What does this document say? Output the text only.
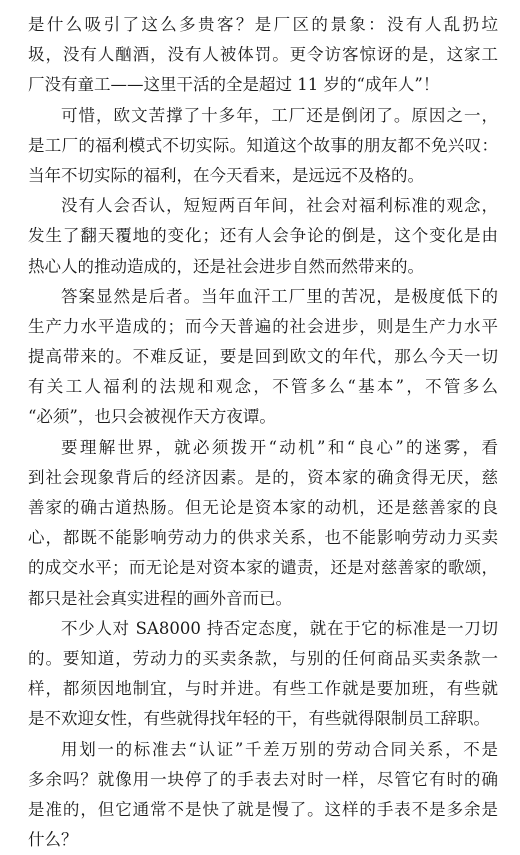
是什么吸引了这么多贵客？是厂区的景象：没有人乱扔垃
圾，没有人酗酒，没有人被体罚。更令访客惊讶的是，这家工
厂没有童工——这里干活的全是超过 11 岁的“成年人”！
可惜，欧文苦撑了十多年，工厂还是倒闭了。原因之一，
是工厂的福利模式不切实际。知道这个故事的朋友都不免兴叹：
当年不切实际的福利，在今天看来，是远远不及格的。
没有人会否认，短短两百年间，社会对福利标准的观念，
发生了翻天覆地的变化；还有人会争论的倒是，这个变化是由
热心人的推动造成的，还是社会进步自然而然带来的。
答案显然是后者。当年血汗工厂里的苦况，是极度低下的
生产力水平造成的；而今天普遍的社会进步，则是生产力水平
提高带来的。不难反证，要是回到欧文的年代，那么今天一切
有关工人福利的法规和观念，不管多么“基本”，不管多么
“必须”，也只会被视作天方夜谭。
要理解世界，就必须拨开“动机”和“良心”的迷雾，看
到社会现象背后的经济因素。是的，资本家的确贪得无厌，慈
善家的确古道热肠。但无论是资本家的动机，还是慈善家的良
心，都既不能影响劳动力的供求关系，也不能影响劳动力买卖
的成交水平；而无论是对资本家的谴责，还是对慈善家的歌颂，
都只是社会真实进程的画外音而已。
不少人对 SA8000 持否定态度，就在于它的标准是一刀切
的。要知道，劳动力的买卖条款，与别的任何商品买卖条款一
样，都须因地制宜，与时并进。有些工作就是要加班，有些就
是不欢迎女性，有些就得找年轻的干，有些就得限制员工辞职。
用划一的标准去“认证”千差万别的劳动合同关系，不是
多余吗？就像用一块停了的手表去对时一样，尽管它有时的确
是准的，但它通常不是快了就是慢了。这样的手表不是多余是
什么？
